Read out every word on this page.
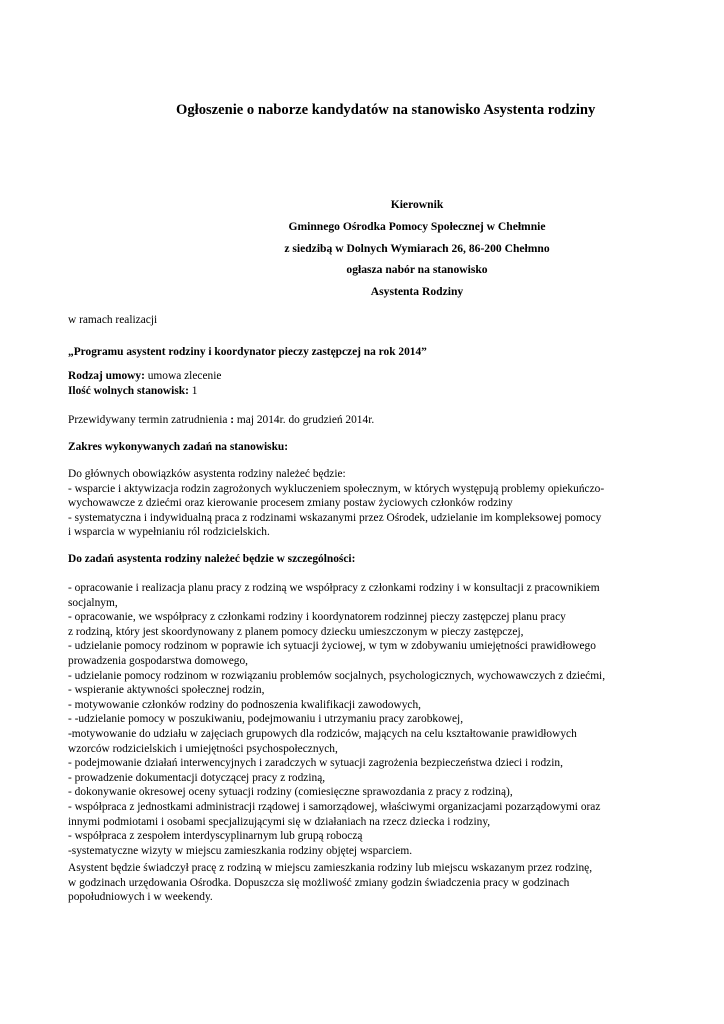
Ogłoszenie o naborze kandydatów na stanowisko Asystenta rodziny
Kierownik
Gminnego Ośrodka Pomocy Społecznej w Chełmnie
z siedzibą w Dolnych Wymiarach 26, 86-200 Chełmno
ogłasza nabór na stanowisko
Asystenta Rodziny
w ramach realizacji
„Programu asystent rodziny i koordynator pieczy zastępczej na rok 2014”
Rodzaj umowy: umowa zlecenie
Ilość wolnych stanowisk: 1
Przewidywany termin zatrudnienia : maj 2014r. do grudzień 2014r.
Zakres wykonywanych zadań na stanowisku:
Do głównych obowiązków asystenta rodziny należeć będzie:
- wsparcie i aktywizacja rodzin zagrożonych wykluczeniem społecznym, w których występują problemy opiekuńczo-
wychowawcze z dziećmi oraz kierowanie procesem zmiany postaw życiowych członków rodziny
- systematyczna i indywidualną praca z rodzinami wskazanymi przez Ośrodek, udzielanie im kompleksowej pomocy
i wsparcia w wypełnianiu ról rodzicielskich.
Do zadań asystenta rodziny należeć będzie w szczególności:
- opracowanie i realizacja planu pracy z rodziną we współpracy z członkami rodziny i w konsultacji z pracownikiem
socjalnym,
- opracowanie, we współpracy z członkami rodziny i koordynatorem rodzinnej pieczy zastępczej planu pracy
z rodziną, który jest skoordynowany z planem pomocy dziecku umieszczonym w pieczy zastępczej,
- udzielanie pomocy rodzinom w poprawie ich sytuacji życiowej, w tym w zdobywaniu umiejętności prawidłowego
prowadzenia gospodarstwa domowego,
- udzielanie pomocy rodzinom w rozwiązaniu problemów socjalnych, psychologicznych, wychowawczych z dziećmi,
- wspieranie aktywności społecznej rodzin,
- motywowanie członków rodziny do podnoszenia kwalifikacji zawodowych,
- -udzielanie pomocy w poszukiwaniu, podejmowaniu i utrzymaniu pracy zarobkowej,
-motywowanie do udziału w zajęciach grupowych dla rodziców, mających na celu kształtowanie prawidłowych
wzorców rodzicielskich i umiejętności psychospołecznych,
- podejmowanie działań interwencyjnych i zaradczych w sytuacji zagrożenia bezpieczeństwa dzieci i rodzin,
- prowadzenie dokumentacji dotyczącej pracy z rodziną,
- dokonywanie okresowej oceny sytuacji rodziny (comiesięczne sprawozdania z pracy z rodziną),
- współpraca z jednostkami administracji rządowej i samorządowej, właściwymi organizacjami pozarządowymi oraz
innymi podmiotami i osobami specjalizującymi się w działaniach na rzecz dziecka i rodziny,
- współpraca z zespołem interdyscyplinarnym lub grupą roboczą
-systematyczne wizyty w miejscu zamieszkania rodziny objętej wsparciem.
Asystent będzie świadczył pracę z rodziną w miejscu zamieszkania rodziny lub miejscu wskazanym przez rodzinę,
w godzinach urzędowania Ośrodka. Dopuszcza się możliwość zmiany godzin świadczenia pracy w godzinach
popołudniowych i w weekendy.
